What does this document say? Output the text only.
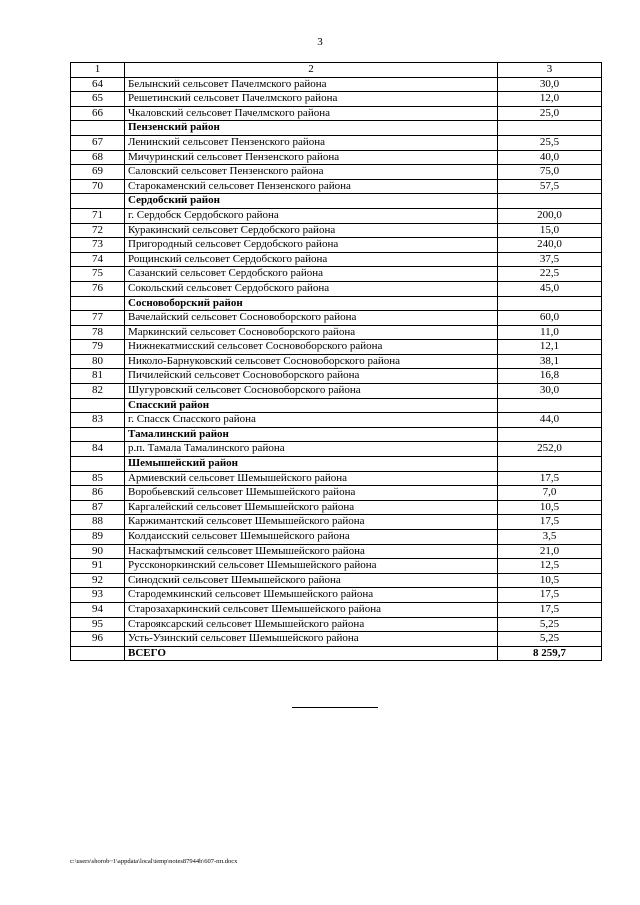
3
1	2	3
64	Белынский сельсовет Пачелмского района	30,0
65	Решетинский сельсовет Пачелмского района	12,0
66	Чкаловский сельсовет Пачелмского района	25,0
	Пензенский район	
67	Ленинский сельсовет Пензенского района	25,5
68	Мичуринский сельсовет Пензенского района	40,0
69	Саловский сельсовет Пензенского района	75,0
70	Старокаменский сельсовет Пензенского района	57,5
	Сердобский район	
71	г. Сердобск Сердобского района	200,0
72	Куракинский сельсовет Сердобского района	15,0
73	Пригородный сельсовет Сердобского района	240,0
74	Рощинский сельсовет Сердобского района	37,5
75	Сазанский сельсовет Сердобского района	22,5
76	Сокольский сельсовет Сердобского района	45,0
	Сосновоборский район	
77	Вачелайский сельсовет Сосновоборского района	60,0
78	Маркинский сельсовет Сосновоборского района	11,0
79	Нижнекатмисский сельсовет Сосновоборского района	12,1
80	Николо-Барнуковский сельсовет Сосновоборского района	38,1
81	Пичилейский сельсовет Сосновоборского района	16,8
82	Шугуровский сельсовет Сосновоборского района	30,0
	Спасский район	
83	г. Спасск Спасского района	44,0
	Тамалинский район	
84	р.п. Тамала Тамалинского района	252,0
	Шемышейский район	
85	Армиевский сельсовет Шемышейского района	17,5
86	Воробьевский сельсовет Шемышейского района	7,0
87	Каргалейский сельсовет Шемышейского района	10,5
88	Каржимантский сельсовет Шемышейского района	17,5
89	Колдаисский сельсовет Шемышейского района	3,5
90	Наскафтымский сельсовет Шемышейского района	21,0
91	Руссконоркинский сельсовет Шемышейского района	12,5
92	Синодский сельсовет Шемышейского района	10,5
93	Стародемкинский сельсовет Шемышейского района	17,5
94	Старозахаркинский сельсовет Шемышейского района	17,5
95	Старояксарский сельсовет Шемышейского района	5,25
96	Усть-Узинский сельсовет Шемышейского района	5,25
	ВСЕГО	8 259,7
c:\users\shorob~1\appdata\local\temp\notes87944b\607-пп.docx
